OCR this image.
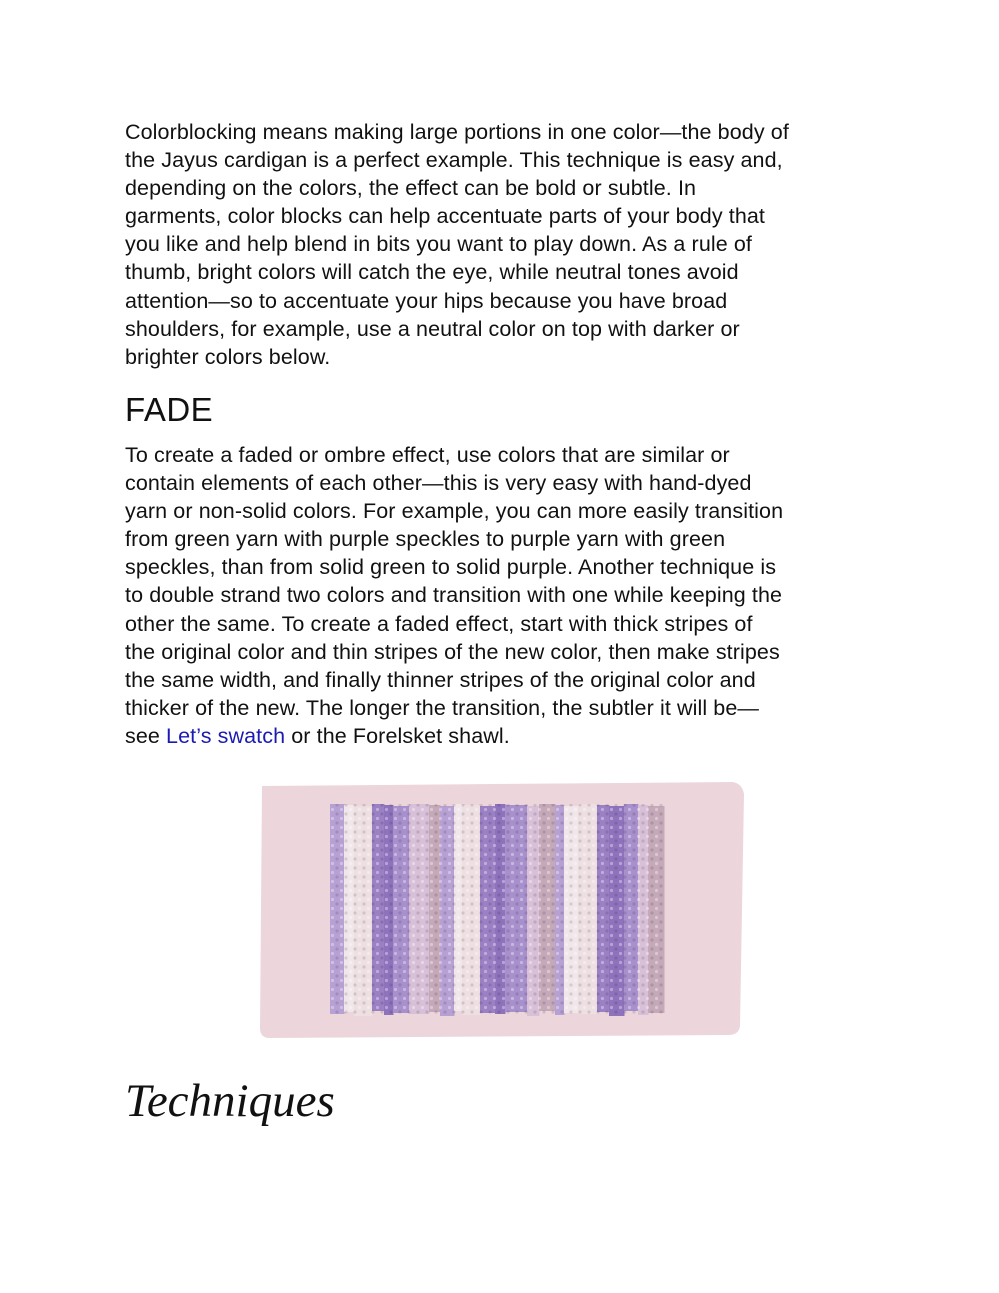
Colorblocking means making large portions in one color—the body of

the Jayus cardigan is a perfect example. This technique is easy and,

depending on the colors, the effect can be bold or subtle. In

garments, color blocks can help accentuate parts of your body that

you like and help blend in bits you want to play down. As a rule of

thumb, bright colors will catch the eye, while neutral tones avoid

attention—so to accentuate your hips because you have broad

shoulders, for example, use a neutral color on top with darker or

brighter colors below.

FADE

To create a faded or ombre effect, use colors that are similar or

contain elements of each other—this is very easy with hand-dyed

yarn or non-solid colors. For example, you can more easily transition

from green yarn with purple speckles to purple yarn with green

speckles, than from solid green to solid purple. Another technique is

to double strand two colors and transition with one while keeping the

other the same. To create a faded effect, start with thick stripes of

the original color and thin stripes of the new color, then make stripes

the same width, and finally thinner stripes of the original color and

thicker of the new. The longer the transition, the subtler it will be—

see Let’s swatch or the Forelsket shawl.

Techniques
